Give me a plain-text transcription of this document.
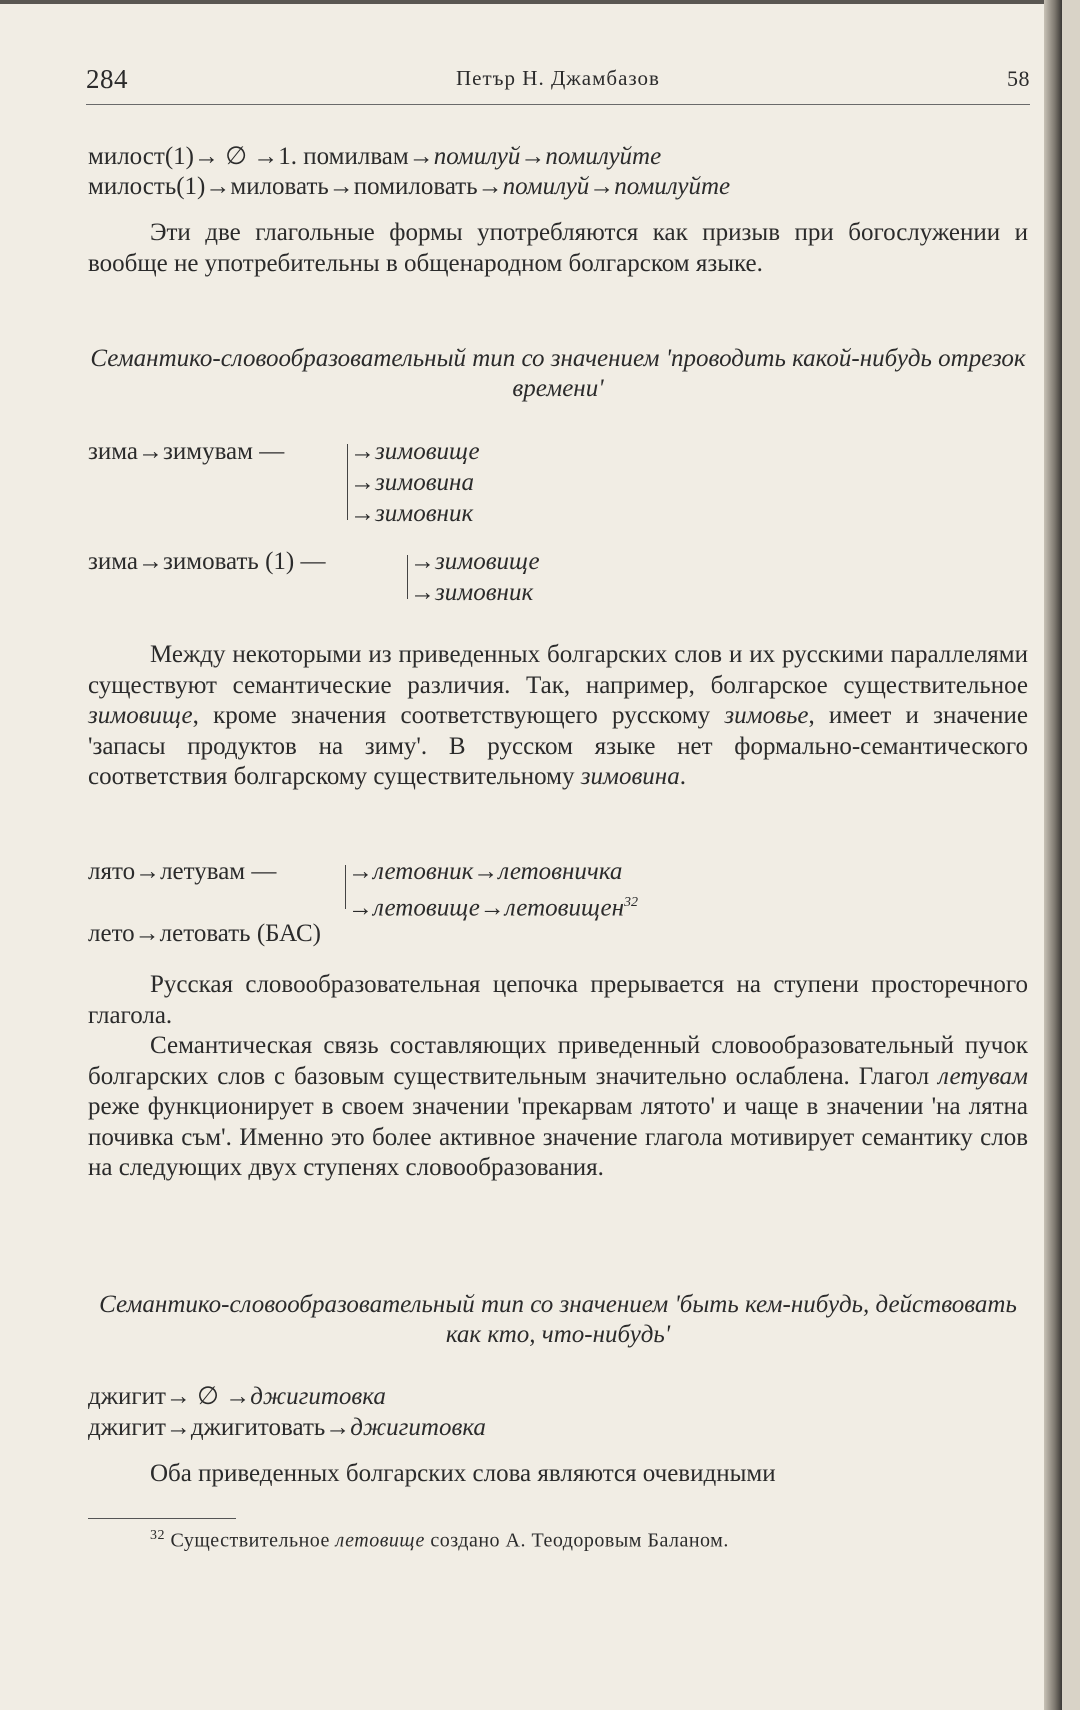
284	Петър Н. Джамбазов	58
милост(1)→ ∅ →1. помилвам→помилуй→помилуйте
милость(1)→миловать→помиловать→помилуй→помилуйте
Эти две глагольные формы употребляются как призыв при богослужении и вообще не употребительны в общенародном болгарском языке.
Семантико-словообразовательный тип со значением 'проводить какой-нибудь отрезок времени'
зима→зимувам —	→зимовище
→зимовина
→зимовник
зима→зимовать (1) —	→зимовище
→зимовник
Между некоторыми из приведенных болгарских слов и их русскими параллелями существуют семантические различия. Так, например, болгарское существительное зимовище, кроме значения соответствующего русскому зимовье, имеет и значение 'запасы продуктов на зиму'. В русском языке нет формально-семантического соответствия болгарскому существительному зимовина.
лято→летувам —	→летовник→летовничка
→летовище→летовищен$^{32}$
лето→летовать (БАС)
Русская словообразовательная цепочка прерывается на ступени просторечного глагола.
Семантическая связь составляющих приведенный словообразовательный пучок болгарских слов с базовым существительным значительно ослаблена. Глагол летувам реже функционирует в своем значении 'прекарвам лятото' и чаще в значении 'на лятна почивка съм'. Именно это более активное значение глагола мотивирует семантику слов на следующих двух ступенях словообразования.
Семантико-словообразовательный тип со значением 'быть кем-нибудь, действовать как кто, что-нибудь'
джигит→ ∅ →джигитовка
джигит→джигитовать→джигитовка
Оба приведенных болгарских слова являются очевидными
$^{32}$ Существительное летовище создано А. Теодоровым Баланом.
